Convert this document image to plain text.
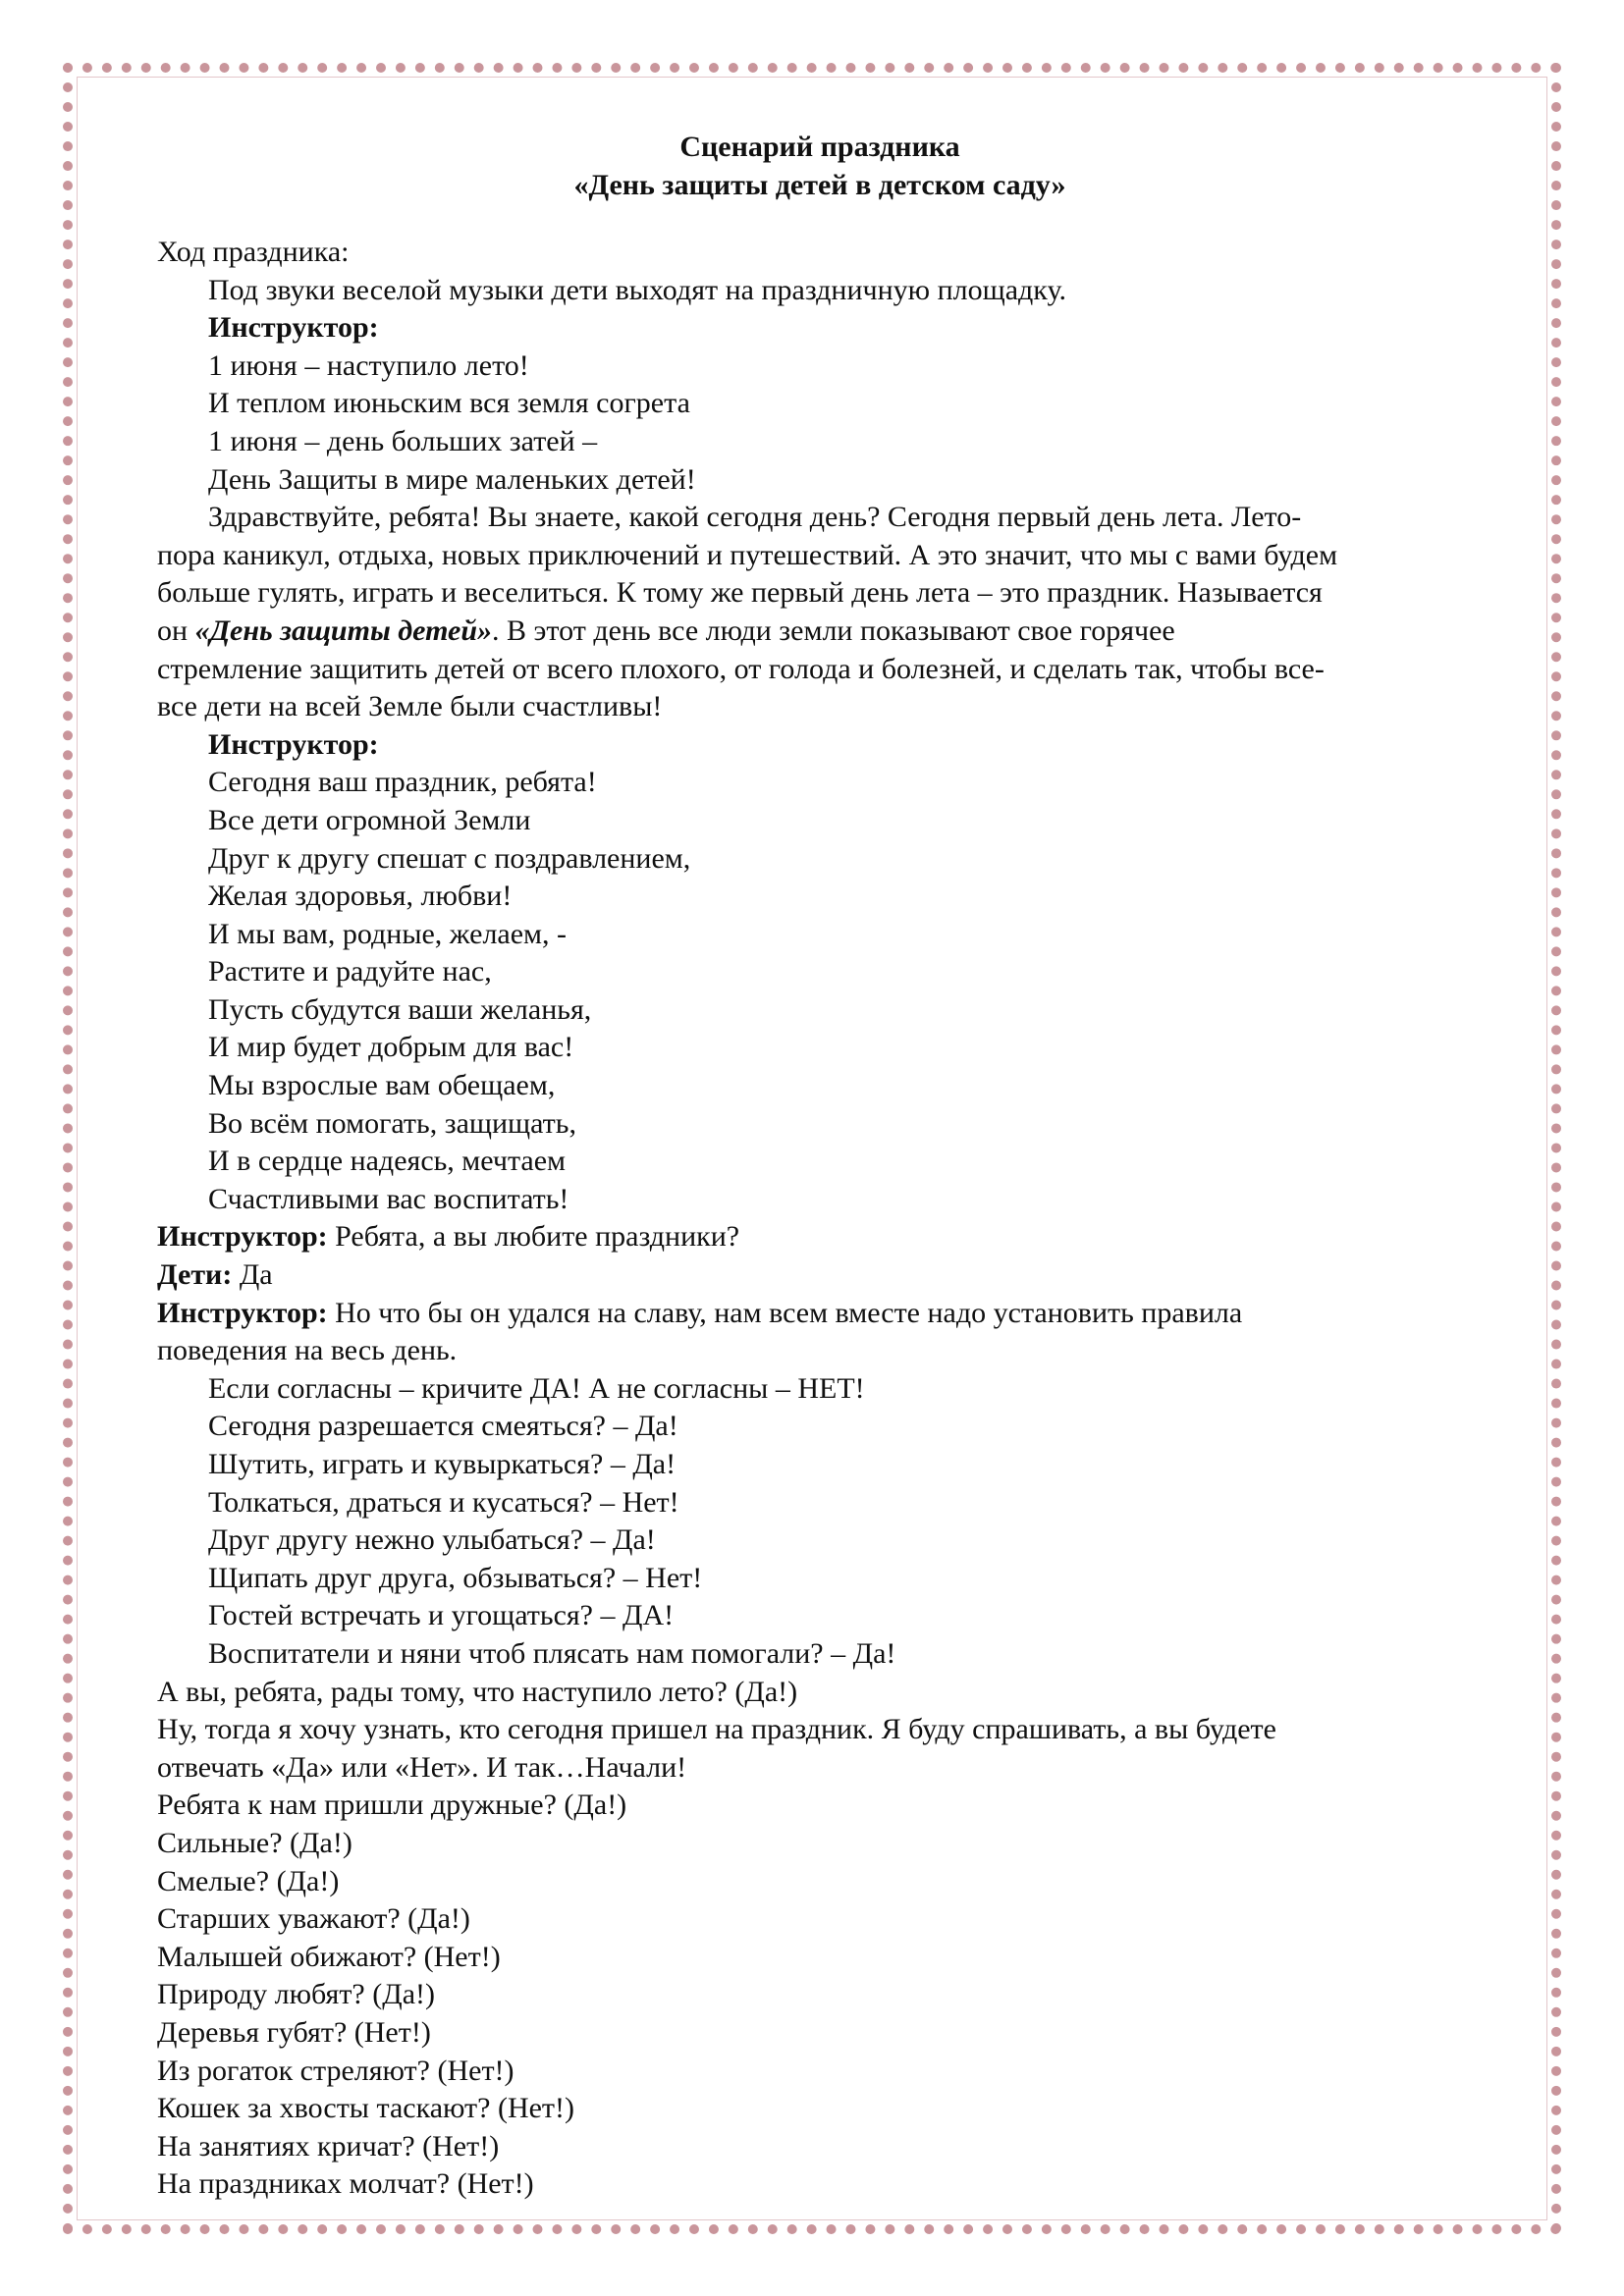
Сценарий праздника
«День защиты детей в детском саду»
Ход праздника:
Под звуки веселой музыки дети выходят на праздничную площадку.
Инструктор:
1 июня – наступило лето!
И теплом июньским вся земля согрета
1 июня – день больших затей –
День Защиты в мире маленьких детей!
Здравствуйте, ребята! Вы знаете, какой сегодня день? Сегодня первый день лета. Лето-
пора каникул, отдыха, новых приключений и путешествий. А это значит, что мы с вами будем
больше гулять, играть и веселиться. К тому же первый день лета – это праздник. Называется
он «День защиты детей». В этот день все люди земли показывают свое горячее
стремление защитить детей от всего плохого, от голода и болезней, и сделать так, чтобы все-
все дети на всей Земле были счастливы!
Инструктор:
Сегодня ваш праздник, ребята!
Все дети огромной Земли
Друг к другу спешат с поздравлением,
Желая здоровья, любви!
И мы вам, родные, желаем, -
Растите и радуйте нас,
Пусть сбудутся ваши желанья,
И мир будет добрым для вас!
Мы взрослые вам обещаем,
Во всём помогать, защищать,
И в сердце надеясь, мечтаем
Счастливыми вас воспитать!
Инструктор: Ребята, а вы любите праздники?
Дети: Да
Инструктор: Но что бы он удался на славу, нам всем вместе надо установить правила
поведения на весь день.
Если согласны – кричите ДА! А не согласны – НЕТ!
Сегодня разрешается смеяться? – Да!
Шутить, играть и кувыркаться? – Да!
Толкаться, драться и кусаться? – Нет!
Друг другу нежно улыбаться? – Да!
Щипать друг друга, обзываться? – Нет!
Гостей встречать и угощаться? – ДА!
Воспитатели и няни чтоб плясать нам помогали? – Да!
А вы, ребята, рады тому, что наступило лето? (Да!)
Ну, тогда я хочу узнать, кто сегодня пришел на праздник. Я буду спрашивать, а вы будете
отвечать «Да» или «Нет». И так…Начали!
Ребята к нам пришли дружные? (Да!)
Сильные? (Да!)
Смелые? (Да!)
Старших уважают? (Да!)
Малышей обижают? (Нет!)
Природу любят? (Да!)
Деревья губят? (Нет!)
Из рогаток стреляют? (Нет!)
Кошек за хвосты таскают? (Нет!)
На занятиях кричат? (Нет!)
На праздниках молчат? (Нет!)
